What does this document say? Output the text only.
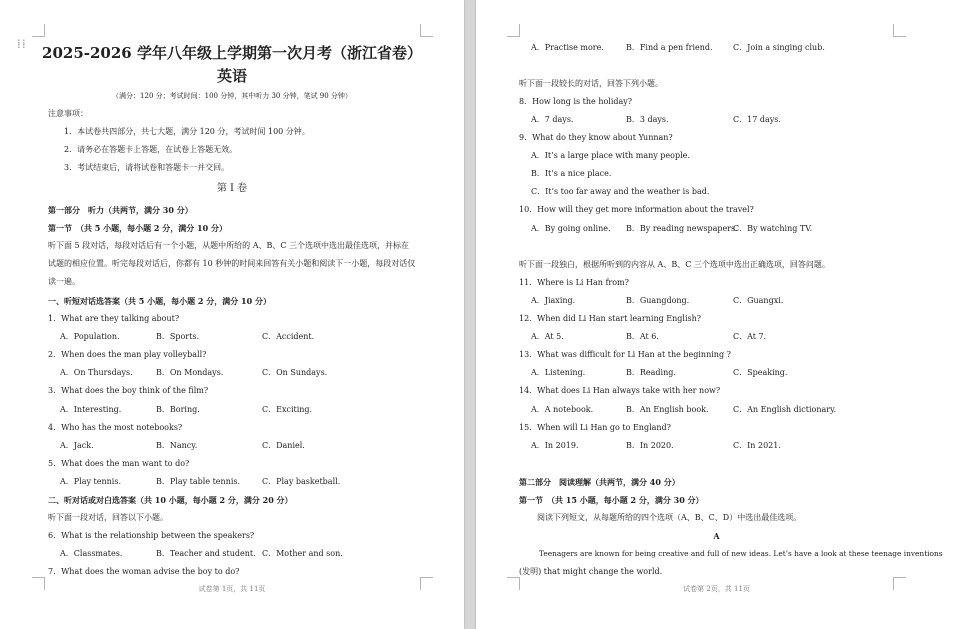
⁞⁞	2025-2026 学年八年级上学期第一次月考（浙江省卷）
英语
（满分：120 分；考试时间：100 分钟，其中听力 30 分钟，笔试 90 分钟）
注意事项：
1．本试卷共四部分，共七大题，满分 120 分，考试时间 100 分钟。
2．请务必在答题卡上答题，在试卷上答题无效。
3．考试结束后，请将试卷和答题卡一并交回。
第 I 卷
第一部分　听力（共两节，满分 30 分）
第一节　（共 5 小题，每小题 2 分，满分 10 分）
听下面 5 段对话，每段对话后有一个小题，从题中所给的 A、B、C 三个选项中选出最佳选项，并标在
试题的相应位置。听完每段对话后，你都有 10 秒钟的时间来回答有关小题和阅读下一小题，每段对话仅
读一遍。
一、听短对话选答案（共 5 小题，每小题 2 分，满分 10 分）
1．What are they talking about?
A．Population.	B．Sports.	C．Accident.
2．When does the man play volleyball?
A．On Thursdays.	B．On Mondays.	C．On Sundays.
3．What does the boy think of the film?
A．Interesting.	B．Boring.	C．Exciting.
4．Who has the most notebooks?
A．Jack.	B．Nancy.	C．Daniel.
5．What does the man want to do?
A．Play tennis.	B．Play table tennis.	C．Play basketball.
二、听对话或对白选答案（共 10 小题，每小题 2 分，满分 20 分）
听下面一段对话，回答以下小题。
6．What is the relationship between the speakers?
A．Classmates.	B．Teacher and student. C．Mother and son.
7．What does the woman advise the boy to do?
试卷第 1页，共 11页
A．Practise more.	B．Find a pen friend.	C．Join a singing club.
听下面一段较长的对话，回答下列小题。
8．How long is the holiday?
A．7 days.	B．3 days.	C．17 days.
9．What do they know about Yunnan?
A．It’s a large place with many people.
B．It’s a nice place.
C．It’s too far away and the weather is bad.
10．How will they get more information about the travel?
A．By going online. B．By reading newspapers.
C．By watching TV.
听下面一段独白，根据所听到的内容从 A、B、C 三个选项中选出正确选项，回答问题。
11．Where is Li Han from?
A．Jiaxing.	B．Guangdong.	C．Guangxi.
12．When did Li Han start learning English?
A．At 5.	B．At 6.	C．At 7.
13．What was difficult for Li Han at the beginning ?
A．Listening.	B．Reading.	C．Speaking.
14．What does Li Han always take with her now?
A．A notebook.	B．An English book.	C．An English dictionary.
15．When will Li Han go to England?
A．In 2019.	B．In 2020.	C．In 2021.
第二部分　阅读理解（共两节，满分 40 分）
第一节　（共 15 小题，每小题 2 分，满分 30 分）
阅读下列短文，从每题所给的四个选项（A、B、C、D）中选出最佳选项。
A
Teenagers are known for being creative and full of new ideas. Let’s have a look at these teenage inventions
(发明) that might change the world.
试卷第 2页，共 11页
